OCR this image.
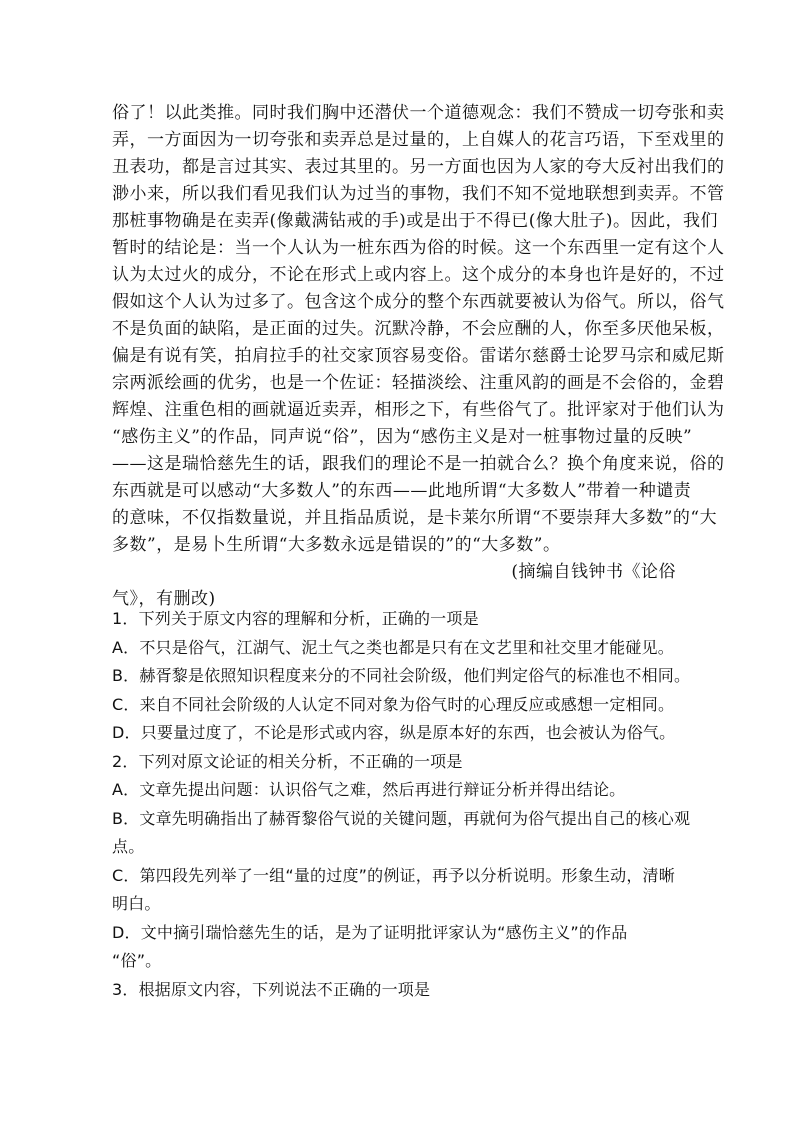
俗了！以此类推。同时我们胸中还潜伏一个道德观念：我们不赞成一切夸张和卖
弄，一方面因为一切夸张和卖弄总是过量的，上自媒人的花言巧语，下至戏里的
丑表功，都是言过其实、表过其里的。另一方面也因为人家的夸大反衬出我们的
渺小来，所以我们看见我们认为过当的事物，我们不知不觉地联想到卖弄。不管
那桩事物确是在卖弄(像戴满钻戒的手)或是出于不得已(像大肚子)。因此，我们
暂时的结论是：当一个人认为一桩东西为俗的时候。这一个东西里一定有这个人
认为太过火的成分，不论在形式上或内容上。这个成分的本身也许是好的，不过
假如这个人认为过多了。包含这个成分的整个东西就要被认为俗气。所以，俗气
不是负面的缺陷，是正面的过失。沉默冷静，不会应酬的人，你至多厌他呆板，
偏是有说有笑，拍肩拉手的社交家顶容易变俗。雷诺尔慈爵士论罗马宗和威尼斯
宗两派绘画的优劣，也是一个佐证：轻描淡绘、注重风韵的画是不会俗的，金碧
辉煌、注重色相的画就逼近卖弄，相形之下，有些俗气了。批评家对于他们认为
“感伤主义”的作品，同声说“俗”，因为“感伤主义是对一桩事物过量的反映”
——这是瑞恰慈先生的话，跟我们的理论不是一拍就合么？换个角度来说，俗的
东西就是可以感动“大多数人”的东西——此地所谓“大多数人”带着一种谴责
的意味，不仅指数量说，并且指品质说，是卡莱尔所谓“不要崇拜大多数”的“大
多数”，是易卜生所谓“大多数永远是错误的”的“大多数”。
(摘编自钱钟书《论俗
气》，有删改)
1．下列关于原文内容的理解和分析，正确的一项是
A．不只是俗气，江湖气、泥土气之类也都是只有在文艺里和社交里才能碰见。
B．赫胥黎是依照知识程度来分的不同社会阶级，他们判定俗气的标准也不相同。
C．来自不同社会阶级的人认定不同对象为俗气时的心理反应或感想一定相同。
D．只要量过度了，不论是形式或内容，纵是原本好的东西，也会被认为俗气。
2．下列对原文论证的相关分析，不正确的一项是
A．文章先提出问题：认识俗气之难，然后再进行辩证分析并得出结论。
B．文章先明确指出了赫胥黎俗气说的关键问题，再就何为俗气提出自己的核心观
点。
C．第四段先列举了一组“量的过度”的例证，再予以分析说明。形象生动，清晰
明白。
D．文中摘引瑞恰慈先生的话，是为了证明批评家认为“感伤主义”的作品
“俗”。
3．根据原文内容，下列说法不正确的一项是
